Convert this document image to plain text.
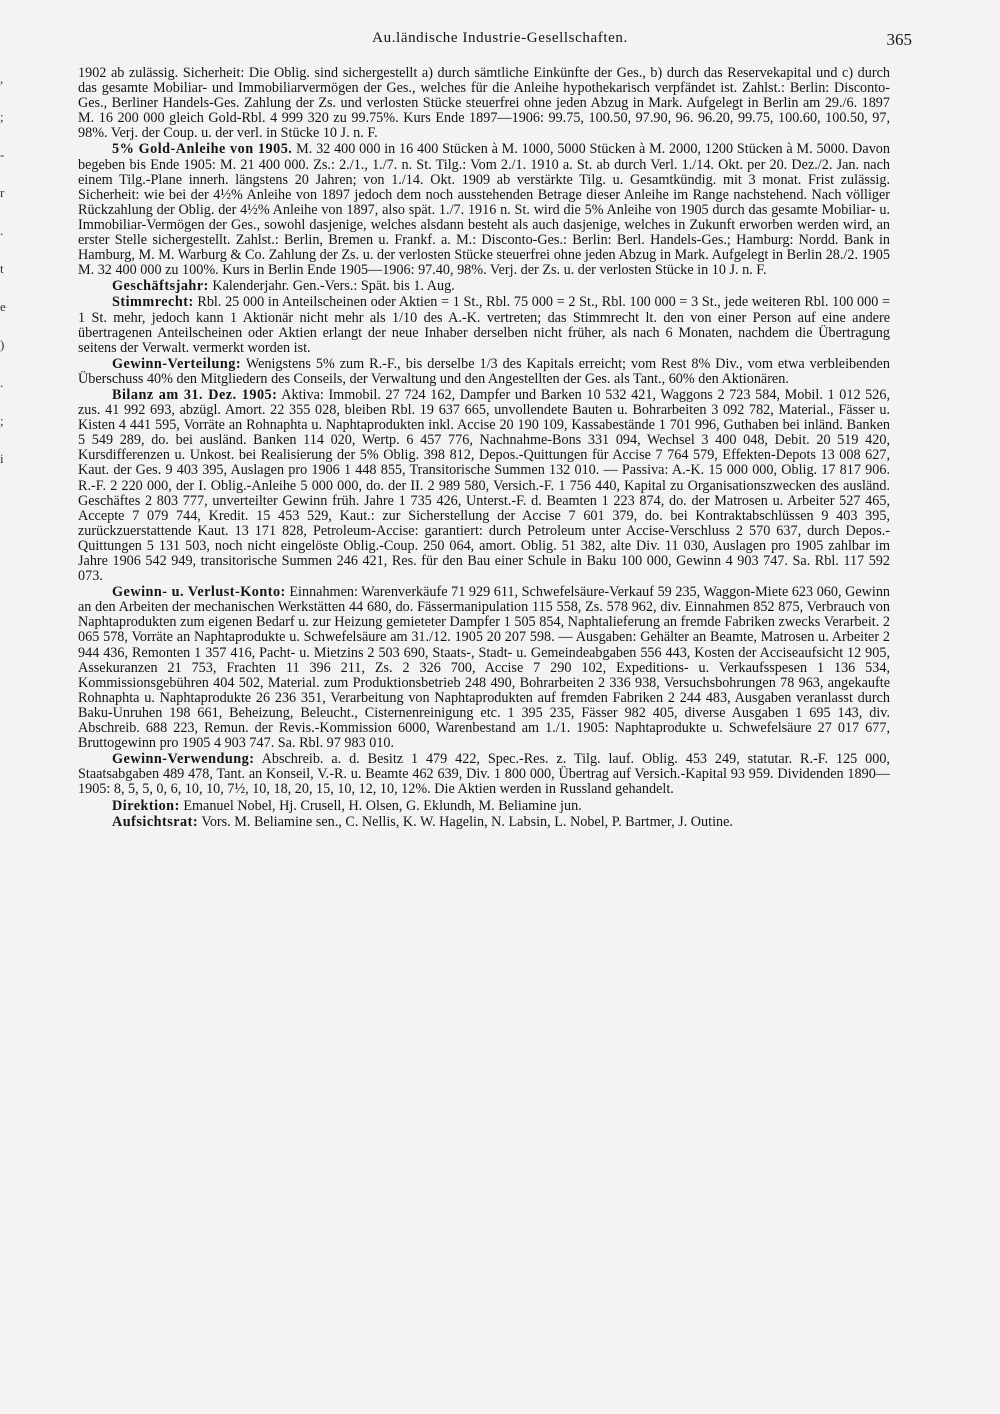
,
;
-
r
.
t
e
)
.
;
i
Au.ländische Industrie-Gesellschaften.	365

1902 ab zulässig. Sicherheit: Die Oblig. sind sichergestellt a) durch sämtliche Einkünfte der Ges., b) durch das Reservekapital und c) durch das gesamte Mobiliar- und Immobiliarvermögen der Ges., welches für die Anleihe hypothekarisch verpfändet ist. Zahlst.: Berlin: Disconto-Ges., Berliner Handels-Ges. Zahlung der Zs. und verlosten Stücke steuerfrei ohne jeden Abzug in Mark. Aufgelegt in Berlin am 29./6. 1897 M. 16 200 000 gleich Gold-Rbl. 4 999 320 zu 99.75%. Kurs Ende 1897—1906: 99.75, 100.50, 97.90, 96. 96.20, 99.75, 100.60, 100.50, 97, 98%. Verj. der Coup. u. der verl. in Stücke 10 J. n. F.

5% Gold-Anleihe von 1905. M. 32 400 000 in 16 400 Stücken à M. 1000, 5000 Stücken à M. 2000, 1200 Stücken à M. 5000. Davon begeben bis Ende 1905: M. 21 400 000. Zs.: 2./1., 1./7. n. St. Tilg.: Vom 2./1. 1910 a. St. ab durch Verl. 1./14. Okt. per 20. Dez./2. Jan. nach einem Tilg.-Plane innerh. längstens 20 Jahren; von 1./14. Okt. 1909 ab verstärkte Tilg. u. Gesamtkündig. mit 3 monat. Frist zulässig. Sicherheit: wie bei der 4½% Anleihe von 1897 jedoch dem noch ausstehenden Betrage dieser Anleihe im Range nachstehend. Nach völliger Rückzahlung der Oblig. der 4½% Anleihe von 1897, also spät. 1./7. 1916 n. St. wird die 5% Anleihe von 1905 durch das gesamte Mobiliar- u. Immobiliar-Vermögen der Ges., sowohl dasjenige, welches alsdann besteht als auch dasjenige, welches in Zukunft erworben werden wird, an erster Stelle sichergestellt. Zahlst.: Berlin, Bremen u. Frankf. a. M.: Disconto-Ges.: Berlin: Berl. Handels-Ges.; Hamburg: Nordd. Bank in Hamburg, M. M. Warburg & Co. Zahlung der Zs. u. der verlosten Stücke steuerfrei ohne jeden Abzug in Mark. Aufgelegt in Berlin 28./2. 1905 M. 32 400 000 zu 100%. Kurs in Berlin Ende 1905—1906: 97.40, 98%. Verj. der Zs. u. der verlosten Stücke in 10 J. n. F.

Geschäftsjahr: Kalenderjahr. Gen.-Vers.: Spät. bis 1. Aug.

Stimmrecht: Rbl. 25 000 in Anteilscheinen oder Aktien = 1 St., Rbl. 75 000 = 2 St., Rbl. 100 000 = 3 St., jede weiteren Rbl. 100 000 = 1 St. mehr, jedoch kann 1 Aktionär nicht mehr als 1/10 des A.-K. vertreten; das Stimmrecht lt. den von einer Person auf eine andere übertragenen Anteilscheinen oder Aktien erlangt der neue Inhaber derselben nicht früher, als nach 6 Monaten, nachdem die Übertragung seitens der Verwalt. vermerkt worden ist.

Gewinn-Verteilung: Wenigstens 5% zum R.-F., bis derselbe 1/3 des Kapitals erreicht; vom Rest 8% Div., vom etwa verbleibenden Überschuss 40% den Mitgliedern des Conseils, der Verwaltung und den Angestellten der Ges. als Tant., 60% den Aktionären.

Bilanz am 31. Dez. 1905: Aktiva: Immobil. 27 724 162, Dampfer und Barken 10 532 421, Waggons 2 723 584, Mobil. 1 012 526, zus. 41 992 693, abzügl. Amort. 22 355 028, bleiben Rbl. 19 637 665, unvollendete Bauten u. Bohrarbeiten 3 092 782, Material., Fässer u. Kisten 4 441 595, Vorräte an Rohnaphta u. Naphtaprodukten inkl. Accise 20 190 109, Kassabestände 1 701 996, Guthaben bei inländ. Banken 5 549 289, do. bei ausländ. Banken 114 020, Wertp. 6 457 776, Nachnahme-Bons 331 094, Wechsel 3 400 048, Debit. 20 519 420, Kursdifferenzen u. Unkost. bei Realisierung der 5% Oblig. 398 812, Depos.-Quittungen für Accise 7 764 579, Effekten-Depots 13 008 627, Kaut. der Ges. 9 403 395, Auslagen pro 1906 1 448 855, Transitorische Summen 132 010. — Passiva: A.-K. 15 000 000, Oblig. 17 817 906. R.-F. 2 220 000, der I. Oblig.-Anleihe 5 000 000, do. der II. 2 989 580, Versich.-F. 1 756 440, Kapital zu Organisationszwecken des ausländ. Geschäftes 2 803 777, unverteilter Gewinn früh. Jahre 1 735 426, Unterst.-F. d. Beamten 1 223 874, do. der Matrosen u. Arbeiter 527 465, Accepte 7 079 744, Kredit. 15 453 529, Kaut.: zur Sicherstellung der Accise 7 601 379, do. bei Kontraktabschlüssen 9 403 395, zurückzuerstattende Kaut. 13 171 828, Petroleum-Accise: garantiert: durch Petroleum unter Accise-Verschluss 2 570 637, durch Depos.-Quittungen 5 131 503, noch nicht eingelöste Oblig.-Coup. 250 064, amort. Oblig. 51 382, alte Div. 11 030, Auslagen pro 1905 zahlbar im Jahre 1906 542 949, transitorische Summen 246 421, Res. für den Bau einer Schule in Baku 100 000, Gewinn 4 903 747. Sa. Rbl. 117 592 073.

Gewinn- u. Verlust-Konto: Einnahmen: Warenverkäufe 71 929 611, Schwefelsäure-Verkauf 59 235, Waggon-Miete 623 060, Gewinn an den Arbeiten der mechanischen Werkstätten 44 680, do. Fässermanipulation 115 558, Zs. 578 962, div. Einnahmen 852 875, Verbrauch von Naphtaprodukten zum eigenen Bedarf u. zur Heizung gemieteter Dampfer 1 505 854, Naphtalieferung an fremde Fabriken zwecks Verarbeit. 2 065 578, Vorräte an Naphtaprodukte u. Schwefelsäure am 31./12. 1905 20 207 598. — Ausgaben: Gehälter an Beamte, Matrosen u. Arbeiter 2 944 436, Remonten 1 357 416, Pacht- u. Mietzins 2 503 690, Staats-, Stadt- u. Gemeindeabgaben 556 443, Kosten der Acciseaufsicht 12 905, Assekuranzen 21 753, Frachten 11 396 211, Zs. 2 326 700, Accise 7 290 102, Expeditions- u. Verkaufsspesen 1 136 534, Kommissionsgebühren 404 502, Material. zum Produktionsbetrieb 248 490, Bohrarbeiten 2 336 938, Versuchsbohrungen 78 963, angekaufte Rohnaphta u. Naphtaprodukte 26 236 351, Verarbeitung von Naphtaprodukten auf fremden Fabriken 2 244 483, Ausgaben veranlasst durch Baku-Unruhen 198 661, Beheizung, Beleucht., Cisternenreinigung etc. 1 395 235, Fässer 982 405, diverse Ausgaben 1 695 143, div. Abschreib. 688 223, Remun. der Revis.-Kommission 6000, Warenbestand am 1./1. 1905: Naphtaprodukte u. Schwefelsäure 27 017 677, Bruttogewinn pro 1905 4 903 747. Sa. Rbl. 97 983 010.

Gewinn-Verwendung: Abschreib. a. d. Besitz 1 479 422, Spec.-Res. z. Tilg. lauf. Oblig. 453 249, statutar. R.-F. 125 000, Staatsabgaben 489 478, Tant. an Konseil, V.-R. u. Beamte 462 639, Div. 1 800 000, Übertrag auf Versich.-Kapital 93 959. Dividenden 1890—1905: 8, 5, 5, 0, 6, 10, 10, 7½, 10, 18, 20, 15, 10, 12, 10, 12%. Die Aktien werden in Russland gehandelt.

Direktion: Emanuel Nobel, Hj. Crusell, H. Olsen, G. Eklundh, M. Beliamine jun.

Aufsichtsrat: Vors. M. Beliamine sen., C. Nellis, K. W. Hagelin, N. Labsin, L. Nobel, P. Bartmer, J. Outine.
